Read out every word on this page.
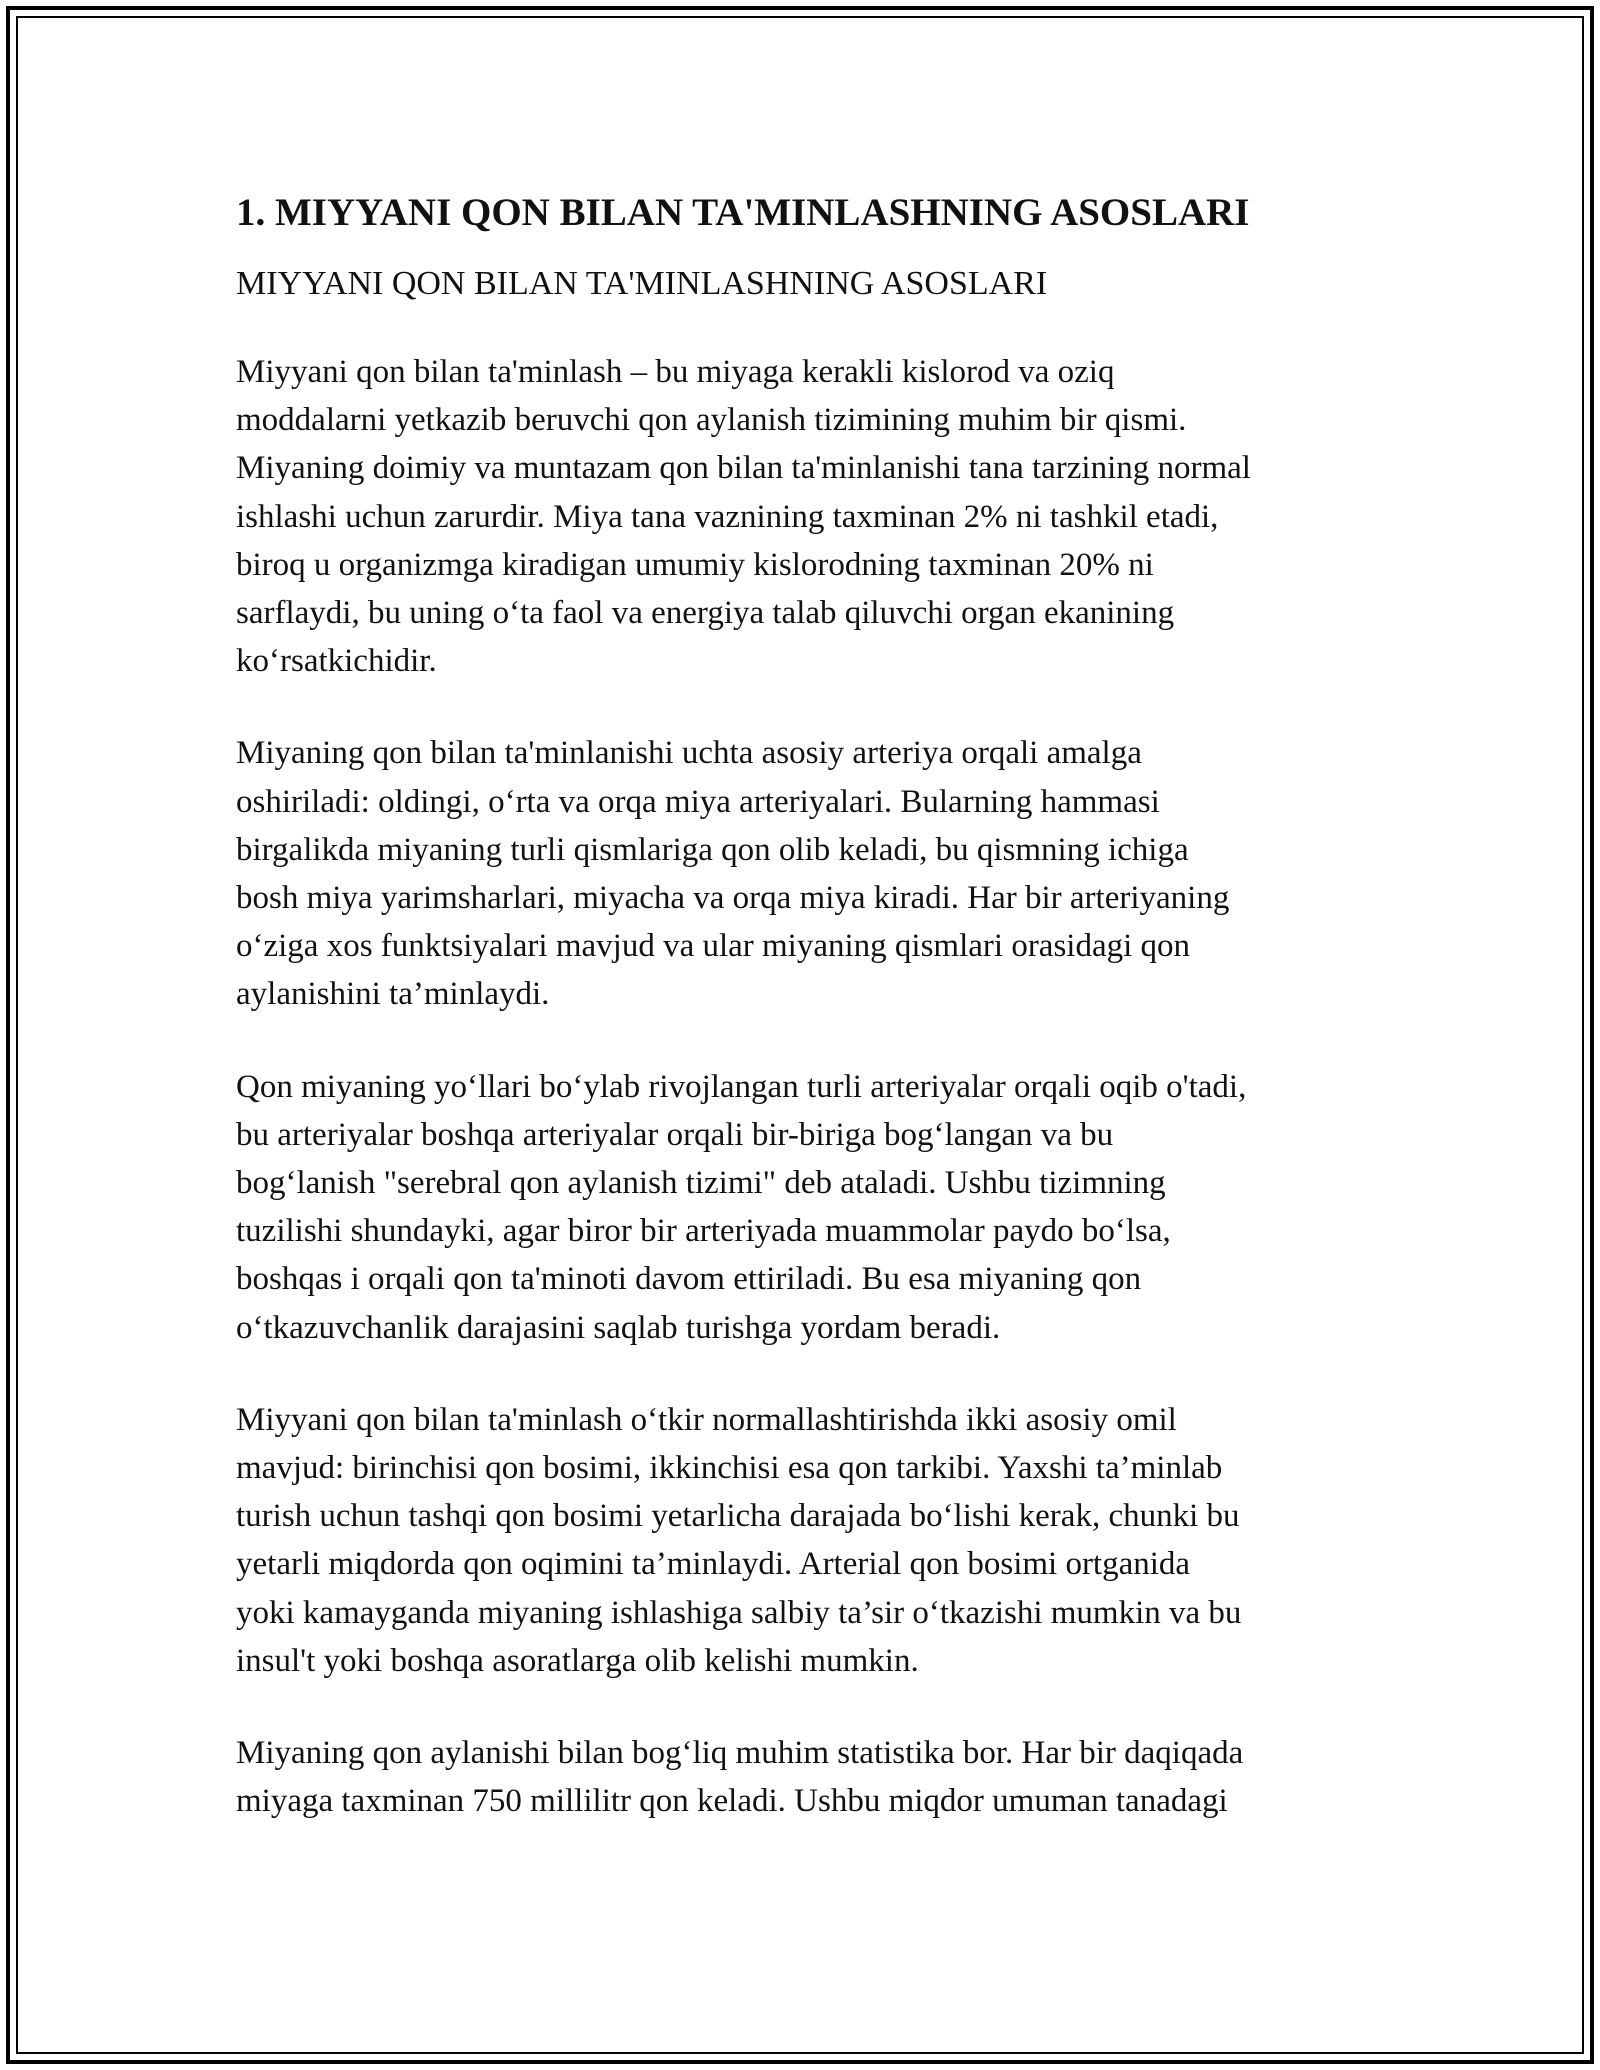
1. MIYYANI QON BILAN TA'MINLASHNING ASOSLARI
MIYYANI QON BILAN TA'MINLASHNING ASOSLARI

Miyyani qon bilan ta'minlash – bu miyaga kerakli kislorod va oziq
moddalarni yetkazib beruvchi qon aylanish tizimining muhim bir qismi.
Miyaning doimiy va muntazam qon bilan ta'minlanishi tana tarzining normal
ishlashi uchun zarurdir. Miya tana vaznining taxminan 2% ni tashkil etadi,
biroq u organizmga kiradigan umumiy kislorodning taxminan 20% ni
sarflaydi, bu uning o‘ta faol va energiya talab qiluvchi organ ekanining
ko‘rsatkichidir.

Miyaning qon bilan ta'minlanishi uchta asosiy arteriya orqali amalga
oshiriladi: oldingi, o‘rta va orqa miya arteriyalari. Bularning hammasi
birgalikda miyaning turli qismlariga qon olib keladi, bu qismning ichiga
bosh miya yarimsharlari, miyacha va orqa miya kiradi. Har bir arteriyaning
o‘ziga xos funktsiyalari mavjud va ular miyaning qismlari orasidagi qon
aylanishini ta’minlaydi.

Qon miyaning yo‘llari bo‘ylab rivojlangan turli arteriyalar orqali oqib o'tadi,
bu arteriyalar boshqa arteriyalar orqali bir-biriga bog‘langan va bu
bog‘lanish "serebral qon aylanish tizimi" deb ataladi. Ushbu tizimning
tuzilishi shundayki, agar biror bir arteriyada muammolar paydo bo‘lsa,
boshqas i orqali qon ta'minoti davom ettiriladi. Bu esa miyaning qon
o‘tkazuvchanlik darajasini saqlab turishga yordam beradi.

Miyyani qon bilan ta'minlash o‘tkir normallashtirishda ikki asosiy omil
mavjud: birinchisi qon bosimi, ikkinchisi esa qon tarkibi. Yaxshi ta’minlab
turish uchun tashqi qon bosimi yetarlicha darajada bo‘lishi kerak, chunki bu
yetarli miqdorda qon oqimini ta’minlaydi. Arterial qon bosimi ortganida
yoki kamayganda miyaning ishlashiga salbiy ta’sir o‘tkazishi mumkin va bu
insul't yoki boshqa asoratlarga olib kelishi mumkin.

Miyaning qon aylanishi bilan bog‘liq muhim statistika bor. Har bir daqiqada
miyaga taxminan 750 millilitr qon keladi. Ushbu miqdor umuman tanadagi
